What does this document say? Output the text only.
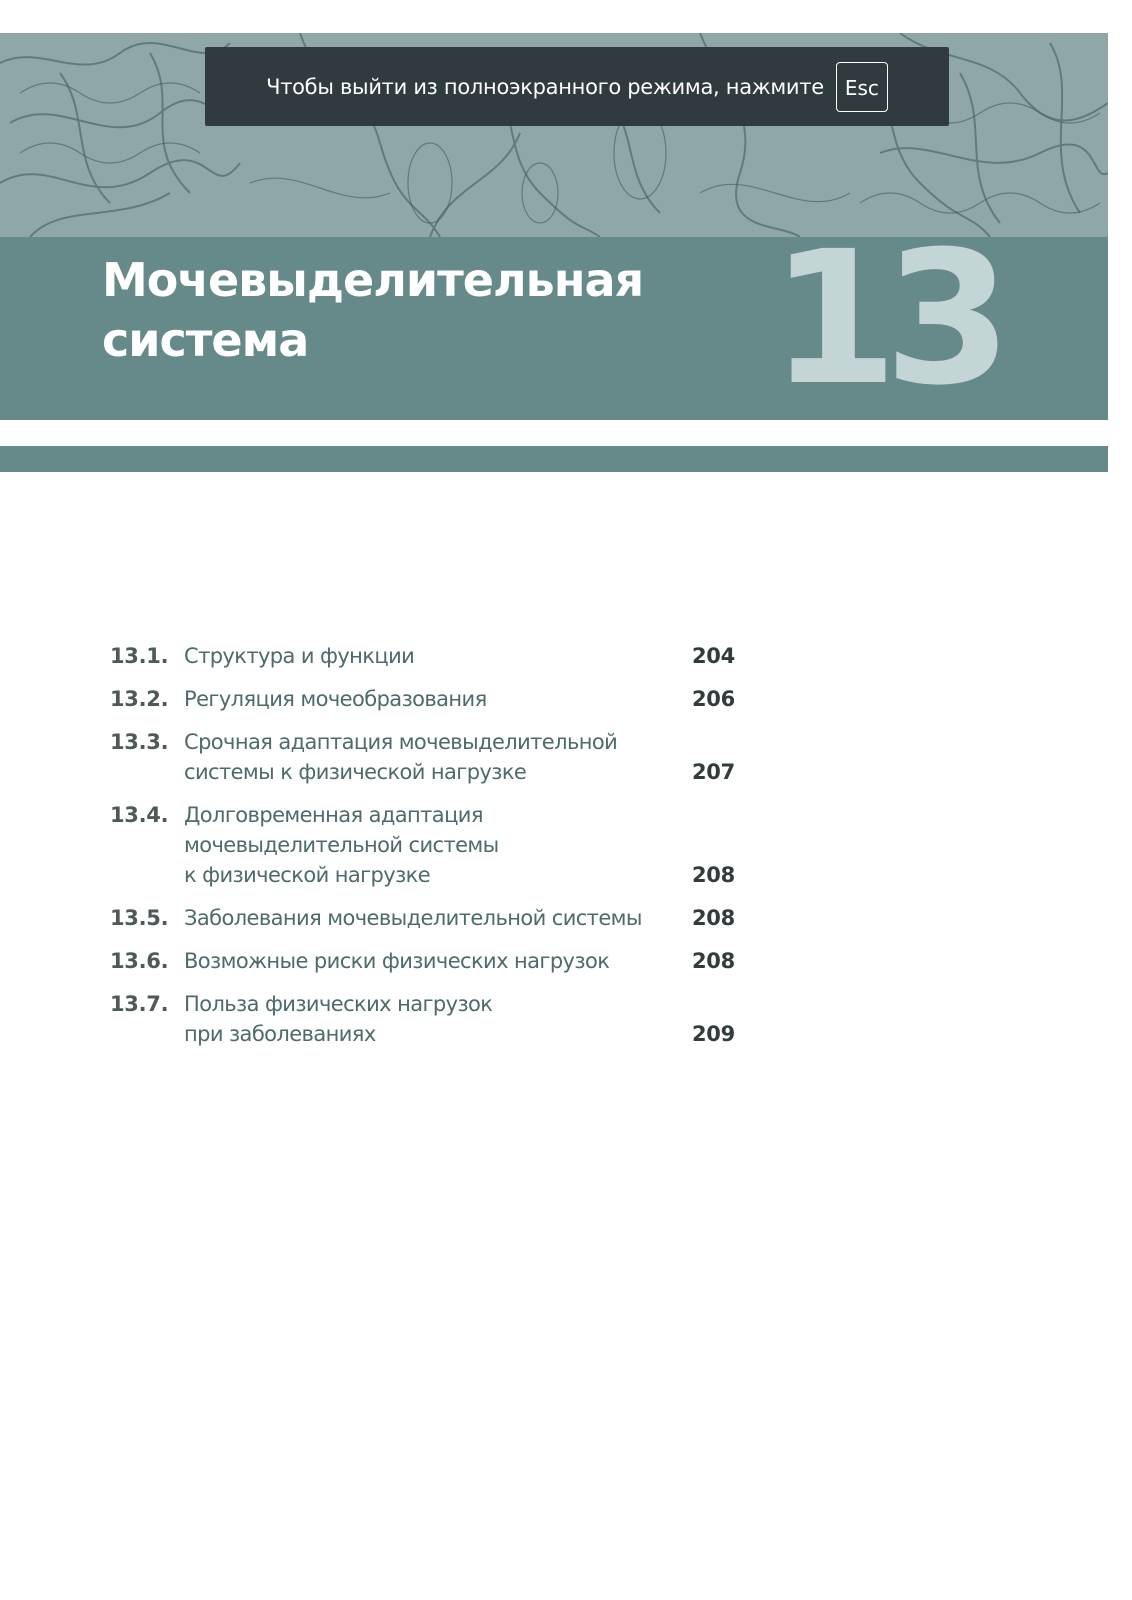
Мочевыделительная
система	13
Чтобы выйти из полноэкранного режима, нажмите	Esc
13.1. Структура и функции	204
13.2. Регуляция мочеобразования	206
13.3. Срочная адаптация мочевыделительной
системы к физической нагрузке	207
13.4. Долговременная адаптация
мочевыделительной системы
к физической нагрузке	208
13.5. Заболевания мочевыделительной системы	208
13.6. Возможные риски физических нагрузок	208
13.7. Польза физических нагрузок
при заболеваниях	209
